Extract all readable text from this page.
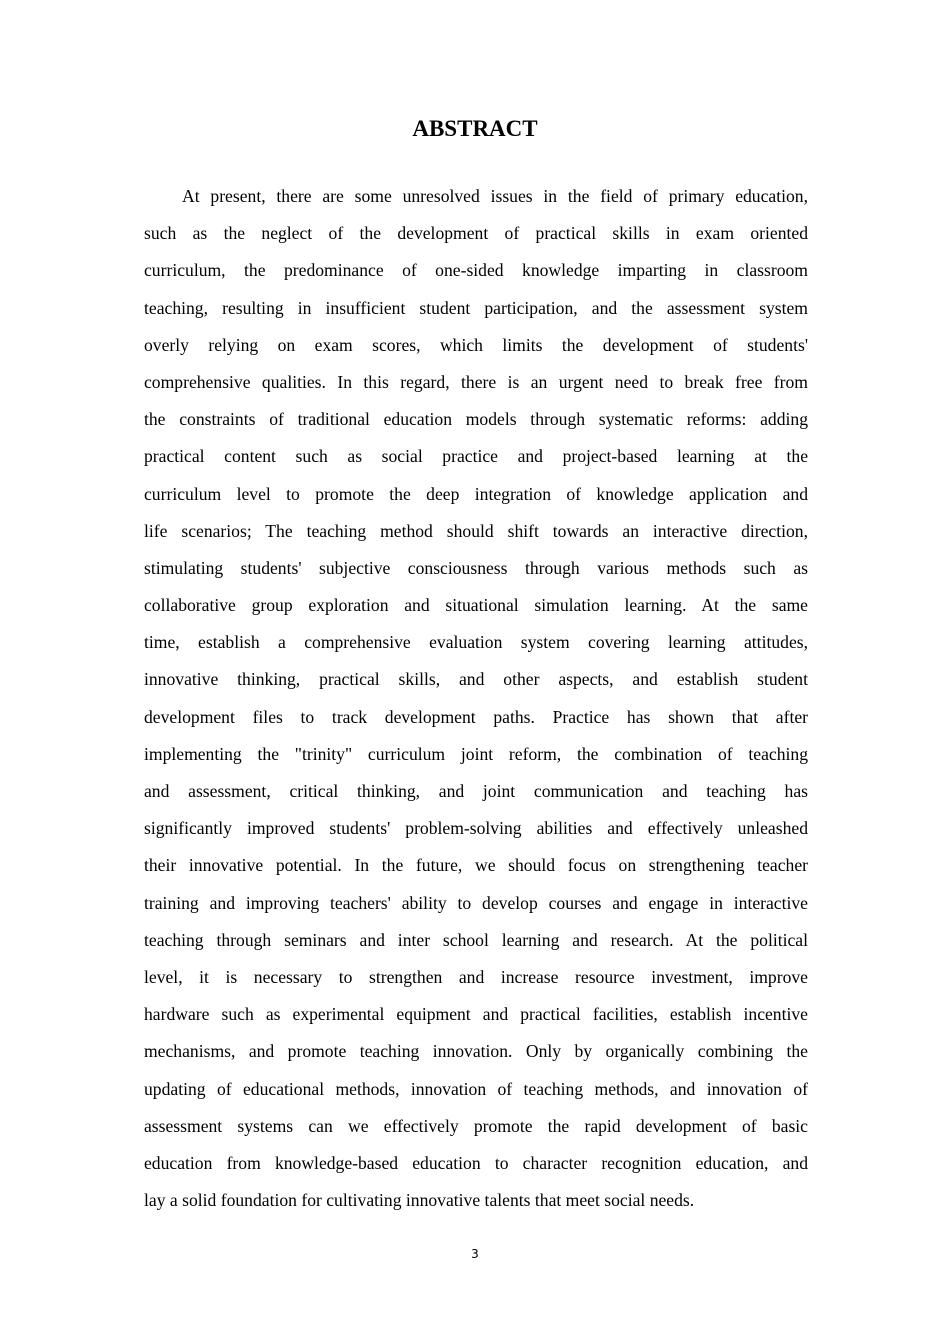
ABSTRACT
At present, there are some unresolved issues in the field of primary education,
such as the neglect of the development of practical skills in exam oriented
curriculum, the predominance of one-sided knowledge imparting in classroom
teaching, resulting in insufficient student participation, and the assessment system
overly relying on exam scores, which limits the development of students'
comprehensive qualities. In this regard, there is an urgent need to break free from
the constraints of traditional education models through systematic reforms: adding
practical content such as social practice and project-based learning at the
curriculum level to promote the deep integration of knowledge application and
life scenarios; The teaching method should shift towards an interactive direction,
stimulating students' subjective consciousness through various methods such as
collaborative group exploration and situational simulation learning. At the same
time, establish a comprehensive evaluation system covering learning attitudes,
innovative thinking, practical skills, and other aspects, and establish student
development files to track development paths. Practice has shown that after
implementing the "trinity" curriculum joint reform, the combination of teaching
and assessment, critical thinking, and joint communication and teaching has
significantly improved students' problem-solving abilities and effectively unleashed
their innovative potential. In the future, we should focus on strengthening teacher
training and improving teachers' ability to develop courses and engage in interactive
teaching through seminars and inter school learning and research. At the political
level, it is necessary to strengthen and increase resource investment, improve
hardware such as experimental equipment and practical facilities, establish incentive
mechanisms, and promote teaching innovation. Only by organically combining the
updating of educational methods, innovation of teaching methods, and innovation of
assessment systems can we effectively promote the rapid development of basic
education from knowledge-based education to character recognition education, and
lay a solid foundation for cultivating innovative talents that meet social needs.
3
